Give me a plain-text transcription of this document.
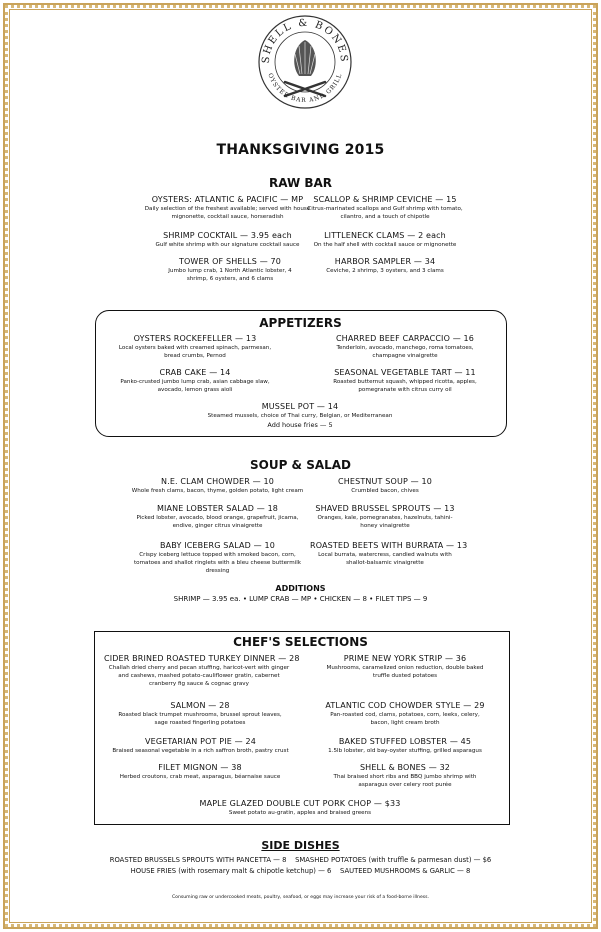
SHELL & BONES
OYSTER BAR AND GRILL
THANKSGIVING 2015
RAW BAR
OYSTERS: ATLANTIC & PACIFIC — MP
Daily selection of the freshest available; served with house mignonette, cocktail sauce, horseradish
SCALLOP & SHRIMP CEVICHE — 15
Citrus-marinated scallops and Gulf shrimp with tomato, cilantro, and a touch of chipotle
SHRIMP COCKTAIL — 3.95 each
Gulf white shrimp with our signature cocktail sauce
LITTLENECK CLAMS — 2 each
On the half shell with cocktail sauce or mignonette
TOWER OF SHELLS — 70
Jumbo lump crab, 1 North Atlantic lobster, 4 shrimp, 6 oysters, and 6 clams
HARBOR SAMPLER — 34
Ceviche, 2 shrimp, 3 oysters, and 3 clams
APPETIZERS
OYSTERS ROCKEFELLER — 13
Local oysters baked with creamed spinach, parmesan, bread crumbs, Pernod
CHARRED BEEF CARPACCIO — 16
Tenderloin, avocado, manchego, roma tomatoes, champagne vinaigrette
CRAB CAKE — 14
Panko-crusted jumbo lump crab, asian cabbage slaw, avocado, lemon grass aioli
SEASONAL VEGETABLE TART — 11
Roasted butternut squash, whipped ricotta, apples, pomegranate with citrus curry oil
MUSSEL POT — 14
Steamed mussels, choice of Thai curry, Belgian, or Mediterranean
Add house fries — 5
SOUP & SALAD
N.E. CLAM CHOWDER — 10
Whole fresh clams, bacon, thyme, golden potato, light cream
CHESTNUT SOUP — 10
Crumbled bacon, chives
MIANE LOBSTER SALAD — 18
Picked lobster, avocado, blood orange, grapefruit, jicama, endive, ginger citrus vinaigrette
SHAVED BRUSSEL SPROUTS — 13
Oranges, kale, pomegranates, hazelnuts, tahini-honey vinaigrette
BABY ICEBERG SALAD — 10
Crispy iceberg lettuce topped with smoked bacon, corn, tomatoes and shallot ringlets with a bleu cheese buttermilk dressing
ROASTED BEETS WITH BURRATA — 13
Local burrata, watercress, candied walnuts with shallot-balsamic vinaigrette
ADDITIONS
SHRIMP — 3.95 ea. • LUMP CRAB — MP • CHICKEN — 8 • FILET TIPS — 9
CHEF'S SELECTIONS
CIDER BRINED ROASTED TURKEY DINNER — 28
Challah dried cherry and pecan stuffing, haricot-vert with ginger and cashews, mashed potato-cauliflower gratin, cabernet cranberry fig sauce & cognac gravy
PRIME NEW YORK STRIP — 36
Mushrooms, caramelized onion reduction, double baked truffle dusted potatoes
SALMON — 28
Roasted black trumpet mushrooms, brussel sprout leaves, sage roasted fingerling potatoes
ATLANTIC COD CHOWDER STYLE — 29
Pan-roasted cod, clams, potatoes, corn, leeks, celery, bacon, light cream broth
VEGETARIAN POT PIE — 24
Braised seasonal vegetable in a rich saffron broth, pastry crust
BAKED STUFFED LOBSTER — 45
1.5lb lobster, old bay-oyster stuffing, grilled asparagus
FILET MIGNON — 38
Herbed croutons, crab meat, asparagus, béarnaise sauce
SHELL & BONES — 32
Thai braised short ribs and BBQ jumbo shrimp with asparagus over celery root purée
MAPLE GLAZED DOUBLE CUT PORK CHOP — $33
Sweet potato au-gratin, apples and braised greens
SIDE DISHES
ROASTED BRUSSELS SPROUTS WITH PANCETTA — 8    SMASHED POTATOES (with truffle & parmesan dust) — $6
HOUSE FRIES (with rosemary malt & chipotle ketchup) — 6    SAUTEED MUSHROOMS & GARLIC — 8
Consuming raw or undercooked meats, poultry, seafood, or eggs may increase your risk of a food-borne illness.
